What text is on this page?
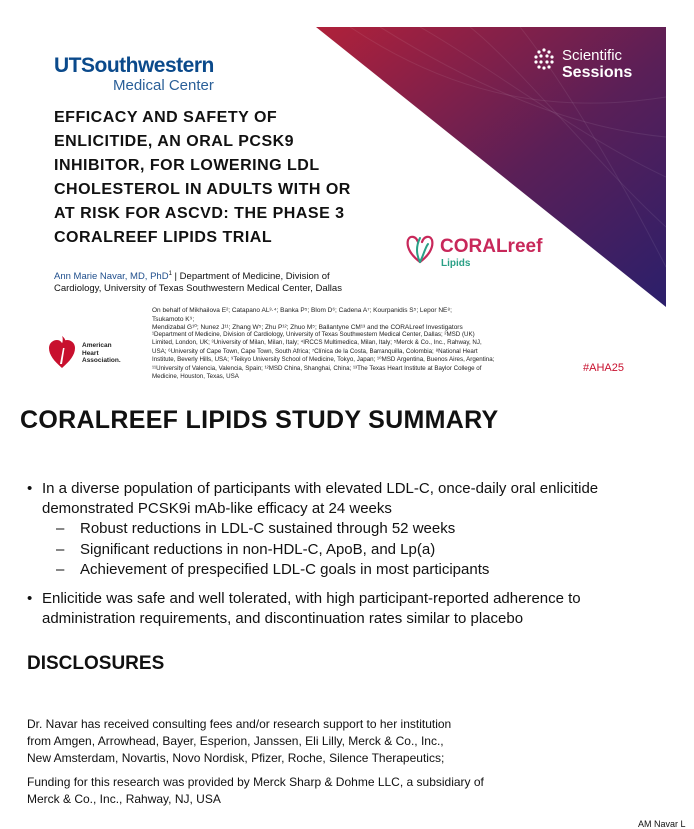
UTSouthwestern
Medical Center
Scientific
Sessions
EFFICACY AND SAFETY OF
ENLICITIDE, AN ORAL PCSK9
INHIBITOR, FOR LOWERING LDL
CHOLESTEROL IN ADULTS WITH OR
AT RISK FOR ASCVD: THE PHASE 3
CORALREEF LIPIDS TRIAL	CORALreef
Lipids
Ann Marie Navar, MD, PhD$^1$ | Department of Medicine, Division of Cardiology, University of Texas Southwestern Medical Center, Dallas
On behalf of Mikhailova E²; Catapano AL³·⁴; Banka P⁵; Blom D⁶; Cadena A⁷; Kourpanidis S⁵; Lepor NE⁸; Tsukamoto K⁹;
Mendizabal G¹⁰; Nunez J¹¹; Zhang W⁵; Zhu P¹²; Zhuo M⁵; Ballantyne CM¹³ and the CORALreef Investigators
American
Heart
Association.
¹Department of Medicine, Division of Cardiology, University of Texas Southwestern Medical Center, Dallas; ²MSD (UK)
Limited, London, UK; ³University of Milan, Milan, Italy; ⁴IRCCS Multimedica, Milan, Italy; ⁵Merck & Co., Inc., Rahway, NJ,
USA; ⁶University of Cape Town, Cape Town, South Africa; ⁷Clínica de la Costa, Barranquilla, Colombia; ⁸National Heart
Institute, Beverly Hills, USA; ⁹Teikyo University School of Medicine, Tokyo, Japan; ¹⁰MSD Argentina, Buenos Aires, Argentina;
¹¹University of Valencia, Valencia, Spain; ¹²MSD China, Shanghai, China; ¹³The Texas Heart Institute at Baylor College of
Medicine, Houston, Texas, USA
#AHA25
CORALREEF LIPIDS STUDY SUMMARY
• In a diverse population of participants with elevated LDL-C, once-daily oral enlicitide
demonstrated PCSK9i mAb-like efficacy at 24 weeks
– Robust reductions in LDL-C sustained through 52 weeks
– Significant reductions in non-HDL-C, ApoB, and Lp(a)
– Achievement of prespecified LDL-C goals in most participants
• Enlicitide was safe and well tolerated, with high participant-reported adherence to
administration requirements, and discontinuation rates similar to placebo
DISCLOSURES
Dr. Navar has received consulting fees and/or research support to her institution
from Amgen, Arrowhead, Bayer, Esperion, Janssen, Eli Lilly, Merck & Co., Inc.,
New Amsterdam, Novartis, Novo Nordisk, Pfizer, Roche, Silence Therapeutics;
Funding for this research was provided by Merck Sharp & Dohme LLC, a subsidiary of
Merck & Co., Inc., Rahway, NJ, USA
AM Navar L
